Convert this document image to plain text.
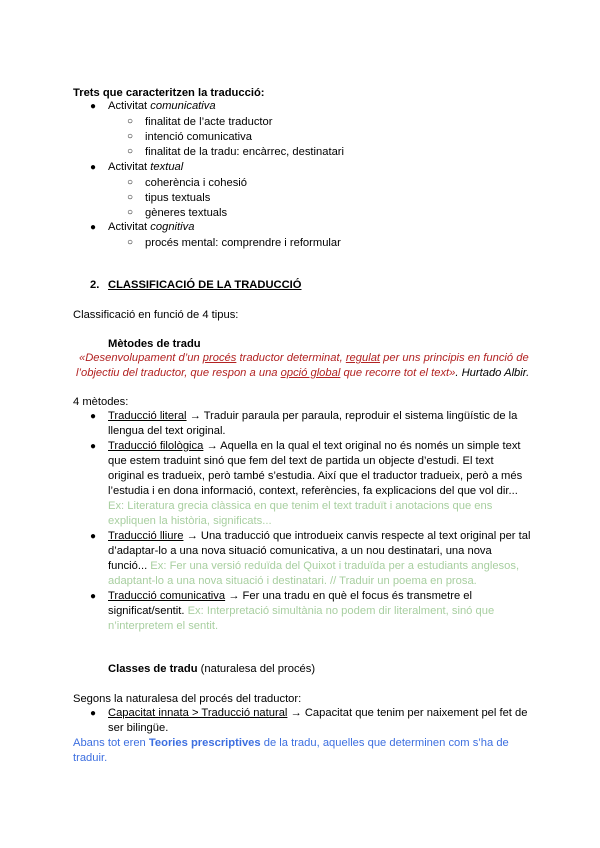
Trets que caracteritzen la traducció:
● Activitat comunicativa
○ finalitat de l’acte traductor
○ intenció comunicativa
○ finalitat de la tradu: encàrrec, destinatari
● Activitat textual
○ coherència i cohesió
○ tipus textuals
○ gèneres textuals
● Activitat cognitiva
○ procés mental: comprendre i reformular
2. CLASSIFICACIÓ DE LA TRADUCCIÓ
Classificació en funció de 4 tipus:
Mètodes de tradu
«Desenvolupament d’un procés traductor determinat, regulat per uns principis en funció de
l’objectiu del traductor, que respon a una opció global que recorre tot el text». Hurtado Albir.
4 mètodes:
● Traducció literal → Traduir paraula per paraula, reproduir el sistema lingüístic de la
llengua del text original.
● Traducció filològica → Aquella en la qual el text original no és només un simple text
que estem traduint sinó que fem del text de partida un objecte d’estudi. El text
original es tradueix, però també s’estudia. Així que el traductor tradueix, però a més
l’estudia i en dona informació, context, referències, fa explicacions del que vol dir...
Ex: Literatura grecia clàssica en que tenim el text traduït i anotacions que ens
expliquen la història, significats...
● Traducció lliure → Una traducció que introdueix canvis respecte al text original per tal
d’adaptar-lo a una nova situació comunicativa, a un nou destinatari, una nova
funció... Ex: Fer una versió reduïda del Quixot i traduïda per a estudiants anglesos,
adaptant-lo a una nova situació i destinatari. // Traduir un poema en prosa.
● Traducció comunicativa → Fer una tradu en què el focus és transmetre el
significat/sentit. Ex: Interpretació simultània no podem dir literalment, sinó que
n’interpretem el sentit.
Classes de tradu (naturalesa del procés)
Segons la naturalesa del procés del traductor:
● Capacitat innata > Traducció natural → Capacitat que tenim per naixement pel fet de
ser bilingüe.
Abans tot eren Teories prescriptives de la tradu, aquelles que determinen com s’ha de
traduir.
